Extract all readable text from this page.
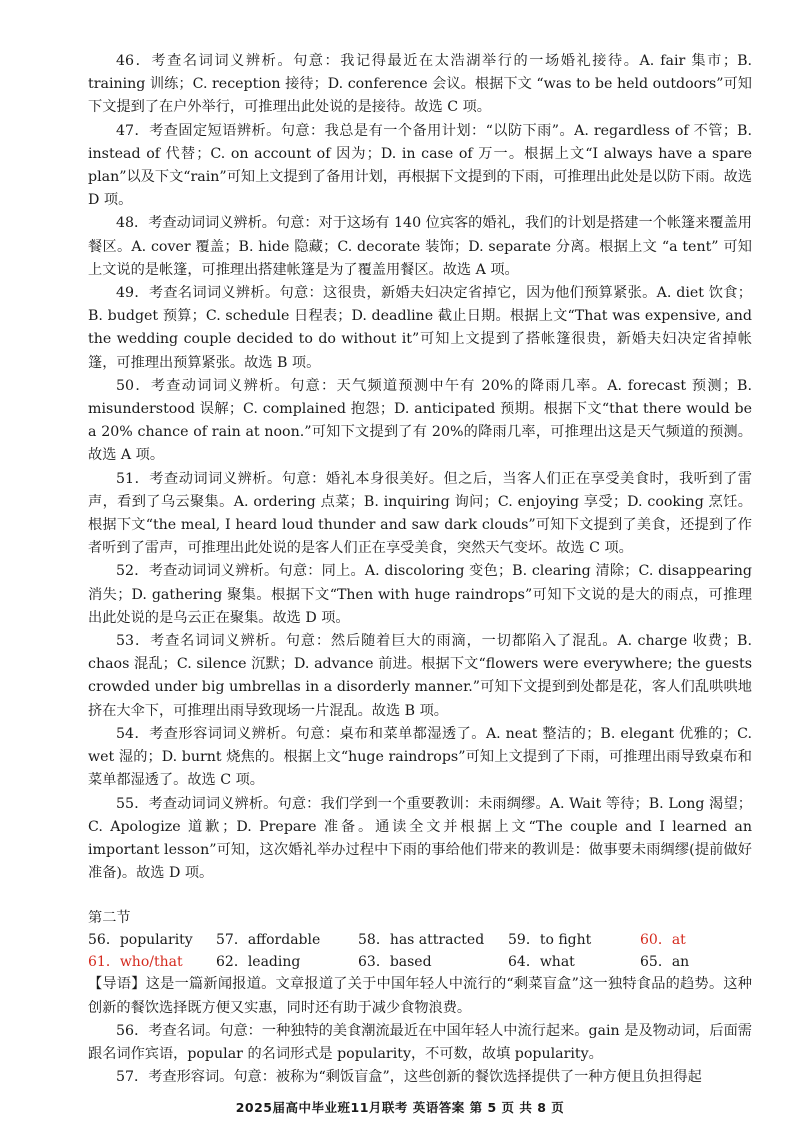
46．考查名词词义辨析。句意：我记得最近在太浩湖举行的一场婚礼接待。A. fair 集市；B. training 训练；C. reception 接待；D. conference 会议。根据下文 “was to be held outdoors”可知下文提到了在户外举行，可推理出此处说的是接待。故选 C 项。

47．考查固定短语辨析。句意：我总是有一个备用计划：“以防下雨”。A. regardless of 不管；B. instead of 代替；C. on account of 因为；D. in case of 万一。根据上文“I always have a spare plan”以及下文“rain”可知上文提到了备用计划，再根据下文提到的下雨，可推理出此处是以防下雨。故选 D 项。

48．考查动词词义辨析。句意：对于这场有 140 位宾客的婚礼，我们的计划是搭建一个帐篷来覆盖用餐区。A. cover 覆盖；B. hide 隐藏；C. decorate 装饰；D. separate 分离。根据上文 “a tent” 可知上文说的是帐篷，可推理出搭建帐篷是为了覆盖用餐区。故选 A 项。

49．考查名词词义辨析。句意：这很贵，新婚夫妇决定省掉它，因为他们预算紧张。A. diet 饮食；B. budget 预算；C. schedule 日程表；D. deadline 截止日期。根据上文“That was expensive, and the wedding couple decided to do without it”可知上文提到了搭帐篷很贵，新婚夫妇决定省掉帐篷，可推理出预算紧张。故选 B 项。

50．考查动词词义辨析。句意：天气频道预测中午有 20%的降雨几率。A. forecast 预测；B. misunderstood 误解；C. complained 抱怨；D. anticipated 预期。根据下文“that there would be a 20% chance of rain at noon.”可知下文提到了有 20%的降雨几率，可推理出这是天气频道的预测。故选 A 项。

51．考查动词词义辨析。句意：婚礼本身很美好。但之后，当客人们正在享受美食时，我听到了雷声，看到了乌云聚集。A. ordering 点菜；B. inquiring 询问；C. enjoying 享受；D. cooking 烹饪。根据下文“the meal, I heard loud thunder and saw dark clouds”可知下文提到了美食，还提到了作者听到了雷声，可推理出此处说的是客人们正在享受美食，突然天气变坏。故选 C 项。

52．考查动词词义辨析。句意：同上。A. discoloring 变色；B. clearing 清除；C. disappearing 消失；D. gathering 聚集。根据下文“Then with huge raindrops”可知下文说的是大的雨点，可推理出此处说的是乌云正在聚集。故选 D 项。

53．考查名词词义辨析。句意：然后随着巨大的雨滴，一切都陷入了混乱。A. charge 收费；B. chaos 混乱；C. silence 沉默；D. advance 前进。根据下文“flowers were everywhere; the guests crowded under big umbrellas in a disorderly manner.”可知下文提到到处都是花，客人们乱哄哄地挤在大伞下，可推理出雨导致现场一片混乱。故选 B 项。

54．考查形容词词义辨析。句意：桌布和菜单都湿透了。A. neat 整洁的；B. elegant 优雅的；C. wet 湿的；D. burnt 烧焦的。根据上文“huge raindrops”可知上文提到了下雨，可推理出雨导致桌布和菜单都湿透了。故选 C 项。

55．考查动词词义辨析。句意：我们学到一个重要教训：未雨绸缪。A. Wait 等待；B. Long 渴望；C. Apologize 道歉；D. Prepare 准备。通读全文并根据上文“The couple and I learned an important lesson”可知，这次婚礼举办过程中下雨的事给他们带来的教训是：做事要未雨绸缪(提前做好准备)。故选 D 项。

第二节

56．popularity	57．affordable	58．has attracted	59．to fight	60．at
61．who/that	62．leading	63．based	64．what	65．an

【导语】这是一篇新闻报道。文章报道了关于中国年轻人中流行的“剩菜盲盒”这一独特食品的趋势。这种创新的餐饮选择既方便又实惠，同时还有助于减少食物浪费。

56．考查名词。句意：一种独特的美食潮流最近在中国年轻人中流行起来。gain 是及物动词，后面需跟名词作宾语，popular 的名词形式是 popularity，不可数，故填 popularity。

57．考查形容词。句意：被称为“剩饭盲盒”，这些创新的餐饮选择提供了一种方便且负担得起

2025届高中毕业班11月联考 英语答案 第 5 页 共 8 页
